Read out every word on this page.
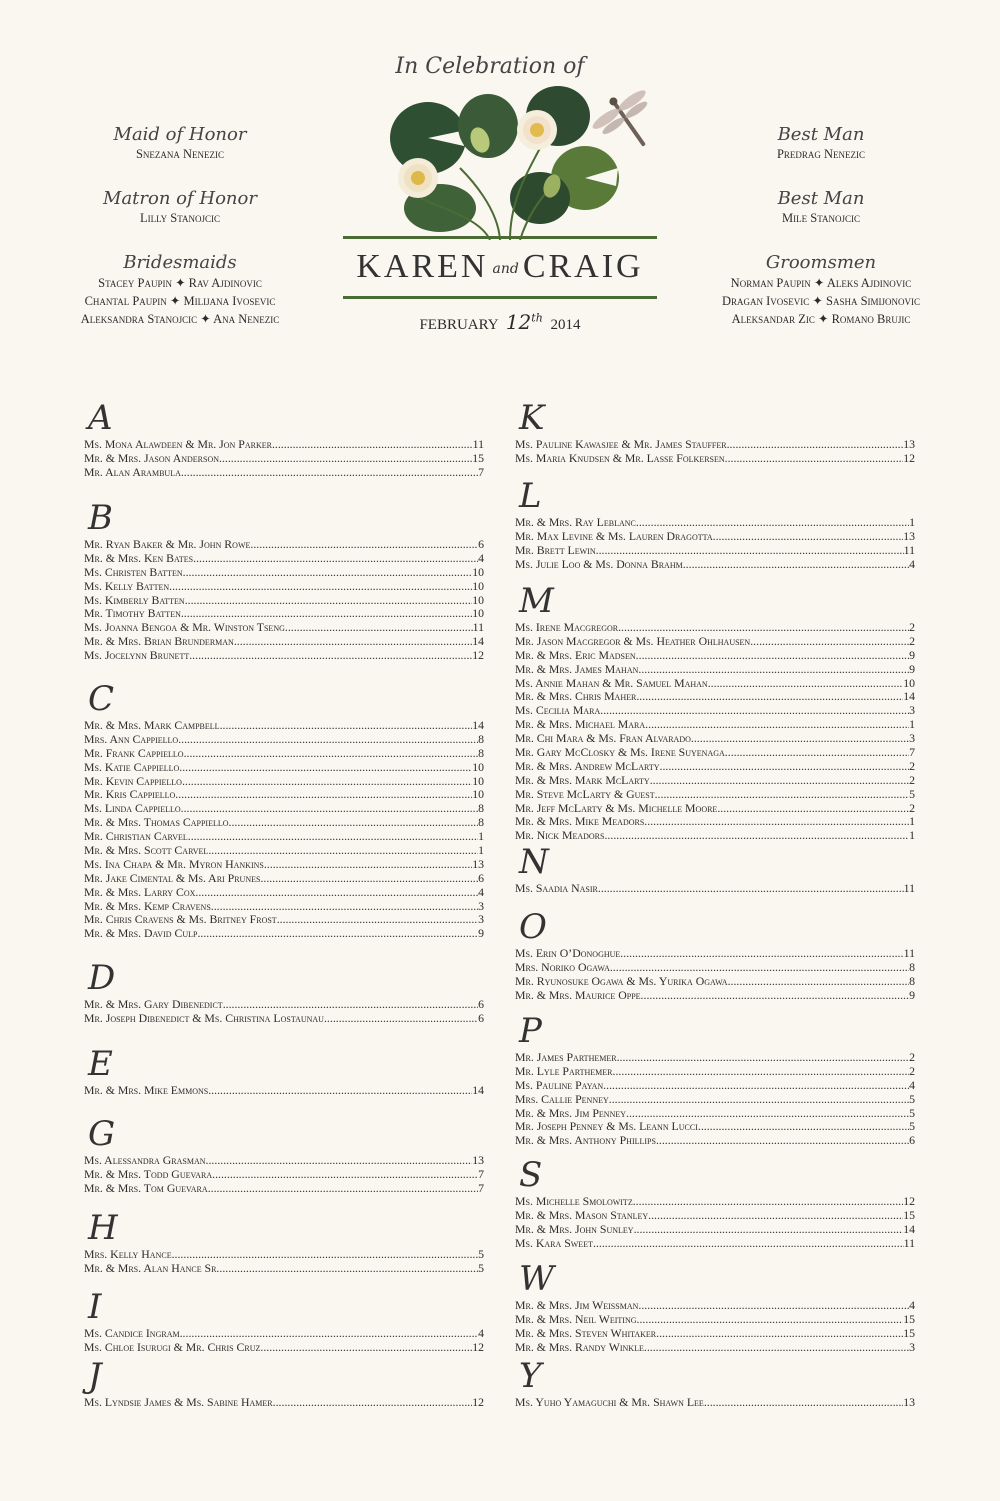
In Celebration of
KAREN and CRAIG
FEBRUARY 12th 2014
Maid of Honor
Snezana Nenezic
Matron of Honor
Lilly Stanojcic
Bridesmaids
Stacey Paupin ✦ Rav Ajdinovic
Chantal Paupin ✦ Milijana Ivosevic
Aleksandra Stanojcic ✦ Ana Nenezic
Best Man
Predrag Nenezic
Best Man
Mile Stanojcic
Groomsmen
Norman Paupin ✦ Aleks Ajdinovic
Dragan Ivosevic ✦ Sasha Simijonovic
Aleksandar Zic ✦ Romano Brujic
A
Ms. Mona Alawdeen & Mr. Jon Parker .....	11
Mr. & Mrs. Jason Anderson .....	15
Mr. Alan Arambula .....	7
B
Mr. Ryan Baker & Mr. John Rowe .....	6
Mr. & Mrs. Ken Bates .....	4
Ms. Christen Batten .....	10
Ms. Kelly Batten .....	10
Ms. Kimberly Batten .....	10
Mr. Timothy Batten .....	10
Ms. Joanna Bengoa & Mr. Winston Tseng .....	11
Mr. & Mrs. Brian Brunderman .....	14
Ms. Jocelynn Brunett .....	12
C
Mr. & Mrs. Mark Campbell .....	14
Mrs. Ann Cappiello .....	8
Mr. Frank Cappiello .....	8
Ms. Katie Cappiello .....	10
Mr. Kevin Cappiello .....	10
Mr. Kris Cappiello .....	10
Ms. Linda Cappiello .....	8
Mr. & Mrs. Thomas Cappiello .....	8
Mr. Christian Carvel .....	1
Mr. & Mrs. Scott Carvel .....	1
Ms. Ina Chapa & Mr. Myron Hankins .....	13
Mr. Jake Cimental & Ms. Ari Prunes .....	6
Mr. & Mrs. Larry Cox .....	4
Mr. & Mrs. Kemp Cravens .....	3
Mr. Chris Cravens & Ms. Britney Frost .....	3
Mr. & Mrs. David Culp .....	9
D
Mr. & Mrs. Gary Dibenedict .....	6
Mr. Joseph Dibenedict & Ms. Christina Lostaunau .....	6
E
Mr. & Mrs. Mike Emmons .....	14
G
Ms. Alessandra Grasman .....	13
Mr. & Mrs. Todd Guevara .....	7
Mr. & Mrs. Tom Guevara .....	7
H
Mrs. Kelly Hance .....	5
Mr. & Mrs. Alan Hance Sr. .....	5
I
Ms. Candice Ingram .....	4
Ms. Chloe Isurugi & Mr. Chris Cruz .....	12
J
Ms. Lyndsie James & Ms. Sabine Hamer .....	12
K
Ms. Pauline Kawasjee & Mr. James Stauffer .....	13
Ms. Maria Knudsen & Mr. Lasse Folkersen .....	12
L
Mr. & Mrs. Ray Leblanc .....	1
Mr. Max Levine & Ms. Lauren Dragotta .....	13
Mr. Brett Lewin .....	11
Ms. Julie Loo & Ms. Donna Brahm .....	4
M
Ms. Irene Macgregor .....	2
Mr. Jason Macgregor & Ms. Heather Ohlhausen .....	2
Mr. & Mrs. Eric Madsen .....	9
Mr. & Mrs. James Mahan .....	9
Ms. Annie Mahan & Mr. Samuel Mahan .....	10
Mr. & Mrs. Chris Maher .....	14
Ms. Cecilia Mara .....	3
Mr. & Mrs. Michael Mara .....	1
Mr. Chi Mara & Ms. Fran Alvarado .....	3
Mr. Gary McClosky & Ms. Irene Suyenaga .....	7
Mr. & Mrs. Andrew McLarty .....	2
Mr. & Mrs. Mark McLarty .....	2
Mr. Steve McLarty & Guest .....	5
Mr. Jeff McLarty & Ms. Michelle Moore .....	2
Mr. & Mrs. Mike Meadors .....	1
Mr. Nick Meadors .....	1
N
Ms. Saadia Nasir .....	11
O
Ms. Erin O’Donoghue .....	11
Mrs. Noriko Ogawa .....	8
Mr. Ryunosuke Ogawa & Ms. Yurika Ogawa .....	8
Mr. & Mrs. Maurice Oppe .....	9
P
Mr. James Parthemer .....	2
Mr. Lyle Parthemer .....	2
Ms. Pauline Payan .....	4
Mrs. Callie Penney .....	5
Mr. & Mrs. Jim Penney .....	5
Mr. Joseph Penney & Ms. Leann Lucci .....	5
Mr. & Mrs. Anthony Phillips .....	6
S
Ms. Michelle Smolowitz .....	12
Mr. & Mrs. Mason Stanley .....	15
Mr. & Mrs. John Sunley .....	14
Ms. Kara Sweet .....	11
W
Mr. & Mrs. Jim Weissman .....	4
Mr. & Mrs. Neil Weiting .....	15
Mr. & Mrs. Steven Whitaker .....	15
Mr. & Mrs. Randy Winkle .....	3
Y
Ms. Yuho Yamaguchi & Mr. Shawn Lee .....	13
